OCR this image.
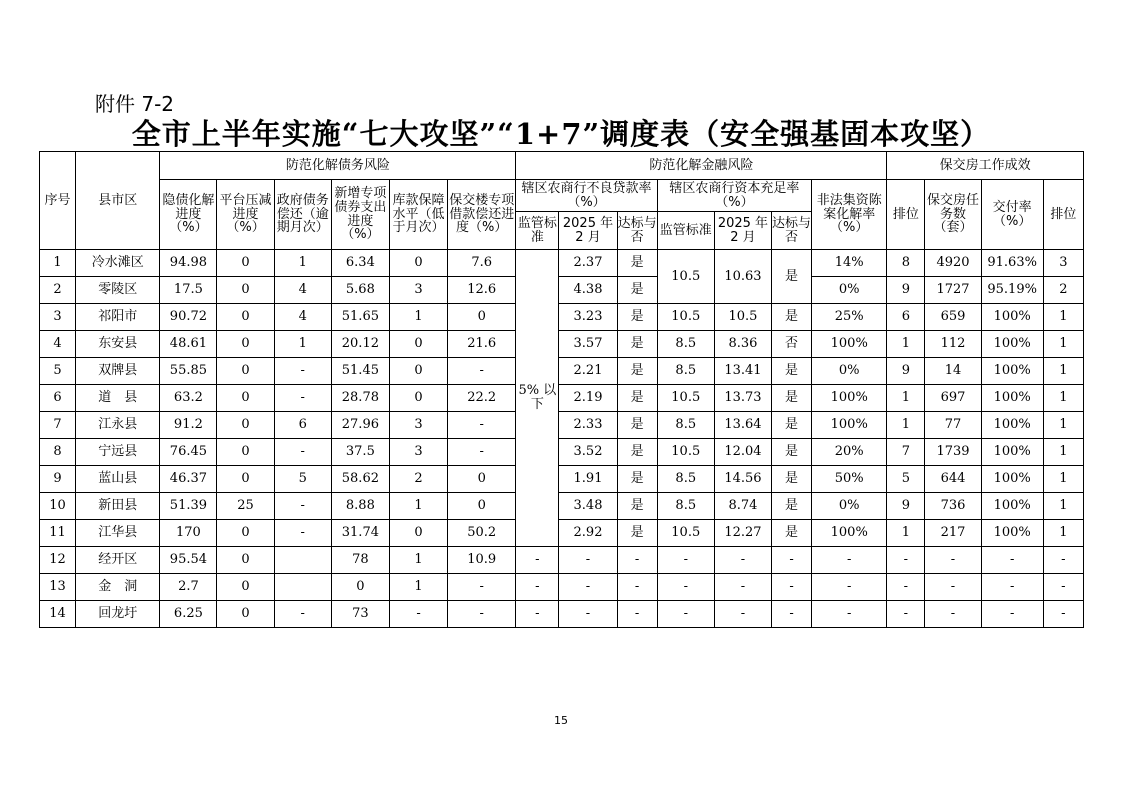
附件 7-2
全市上半年实施“七大攻坚”“1+7”调度表（安全强基固本攻坚）
序号	县市区	防范化解债务风险						防范化解金融风险							保交房工作成效			
		隐债化解进度（%）	平台压减进度（%）	政府债务偿还（逾期月次）	新增专项债券支出进度（%）	库款保障水平（低于月次）	保交楼专项借款偿还进度（%）	辖区农商行不良贷款率（%）			辖区农商行资本充足率（%）			非法集资陈案化解率（%）	排位	保交房任务数（套）	交付率（%）	排位
								监管标准	2025 年 2 月	达标与否	监管标准	2025 年 2 月	达标与否					
1	冷水滩区	94.98	0	1	6.34	0	7.6	5% 以下	2.37	是	10.5	10.63	是	14%	8	4920	91.63%	3
2	零陵区	17.5	0	4	5.68	3	12.6		4.38	是				0%	9	1727	95.19%	2
3	祁阳市	90.72	0	4	51.65	1	0		3.23	是	10.5	10.5	是	25%	6	659	100%	1
4	东安县	48.61	0	1	20.12	0	21.6		3.57	是	8.5	8.36	否	100%	1	112	100%	1
5	双牌县	55.85	0	-	51.45	0	-		2.21	是	8.5	13.41	是	0%	9	14	100%	1
6	道　县	63.2	0	-	28.78	0	22.2		2.19	是	10.5	13.73	是	100%	1	697	100%	1
7	江永县	91.2	0	6	27.96	3	-		2.33	是	8.5	13.64	是	100%	1	77	100%	1
8	宁远县	76.45	0	-	37.5	3	-		3.52	是	10.5	12.04	是	20%	7	1739	100%	1
9	蓝山县	46.37	0	5	58.62	2	0		1.91	是	8.5	14.56	是	50%	5	644	100%	1
10	新田县	51.39	25	-	8.88	1	0		3.48	是	8.5	8.74	是	0%	9	736	100%	1
11	江华县	170	0	-	31.74	0	50.2		2.92	是	10.5	12.27	是	100%	1	217	100%	1
12	经开区	95.54	0		78	1	10.9	-	-	-	-	-	-	-	-	-	-	-
13	金　洞	2.7	0		0	1	-	-	-	-	-	-	-	-	-	-	-	-
14	回龙圩	6.25	0	-	73	-	-	-	-	-	-	-	-	-	-	-	-	-
15
